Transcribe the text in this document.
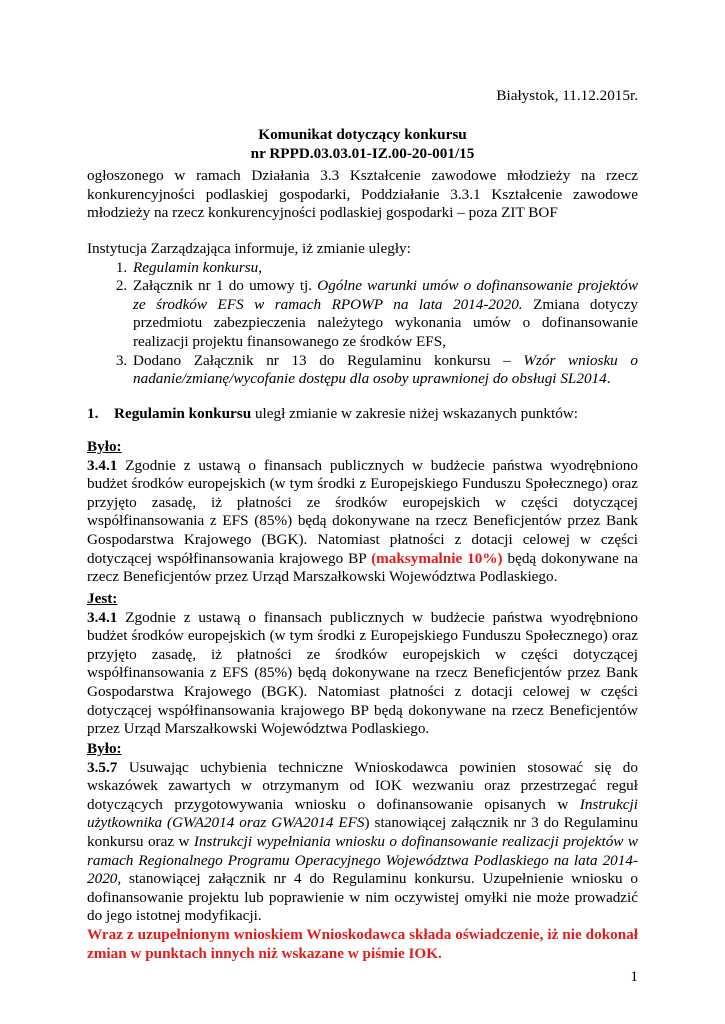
Białystok, 11.12.2015r.
Komunikat dotyczący konkursu
nr RPPD.03.03.01-IZ.00-20-001/15

ogłoszonego w ramach Działania 3.3 Kształcenie zawodowe młodzieży na rzecz konkurencyjności podlaskiej gospodarki, Poddziałanie 3.3.1 Kształcenie zawodowe młodzieży na rzecz konkurencyjności podlaskiej gospodarki – poza ZIT BOF

Instytucja Zarządzająca informuje, iż zmianie uległy:

1. Regulamin konkursu,
2. Załącznik nr 1 do umowy tj. Ogólne warunki umów o dofinansowanie projektów ze środków EFS w ramach RPOWP na lata 2014-2020. Zmiana dotyczy przedmiotu zabezpieczenia należytego wykonania umów o dofinansowanie realizacji projektu finansowanego ze środków EFS,
3. Dodano Załącznik nr 13 do Regulaminu konkursu – Wzór wniosku o nadanie/zmianę/wycofanie dostępu dla osoby uprawnionej do obsługi SL2014.

1. Regulamin konkursu uległ zmianie w zakresie niżej wskazanych punktów:

Było:

3.4.1 Zgodnie z ustawą o finansach publicznych w budżecie państwa wyodrębniono budżet środków europejskich (w tym środki z Europejskiego Funduszu Społecznego) oraz przyjęto zasadę, iż płatności ze środków europejskich w części dotyczącej współfinansowania z EFS (85%) będą dokonywane na rzecz Beneficjentów przez Bank Gospodarstwa Krajowego (BGK). Natomiast płatności z dotacji celowej w części dotyczącej współfinansowania krajowego BP (maksymalnie 10%) będą dokonywane na rzecz Beneficjentów przez Urząd Marszałkowski Województwa Podlaskiego.

Jest:

3.4.1 Zgodnie z ustawą o finansach publicznych w budżecie państwa wyodrębniono budżet środków europejskich (w tym środki z Europejskiego Funduszu Społecznego) oraz przyjęto zasadę, iż płatności ze środków europejskich w części dotyczącej współfinansowania z EFS (85%) będą dokonywane na rzecz Beneficjentów przez Bank Gospodarstwa Krajowego (BGK). Natomiast płatności z dotacji celowej w części dotyczącej współfinansowania krajowego BP będą dokonywane na rzecz Beneficjentów przez Urząd Marszałkowski Województwa Podlaskiego.

Było:

3.5.7 Usuwając uchybienia techniczne Wnioskodawca powinien stosować się do wskazówek zawartych w otrzymanym od IOK wezwaniu oraz przestrzegać reguł dotyczących przygotowywania wniosku o dofinansowanie opisanych w Instrukcji użytkownika (GWA2014 oraz GWA2014 EFS) stanowiącej załącznik nr 3 do Regulaminu konkursu oraz w Instrukcji wypełniania wniosku o dofinansowanie realizacji projektów w ramach Regionalnego Programu Operacyjnego Województwa Podlaskiego na lata 2014-2020, stanowiącej załącznik nr 4 do Regulaminu konkursu. Uzupełnienie wniosku o dofinansowanie projektu lub poprawienie w nim oczywistej omyłki nie może prowadzić do jego istotnej modyfikacji.

Wraz z uzupełnionym wnioskiem Wnioskodawca składa oświadczenie, iż nie dokonał zmian w punktach innych niż wskazane w piśmie IOK.

1
